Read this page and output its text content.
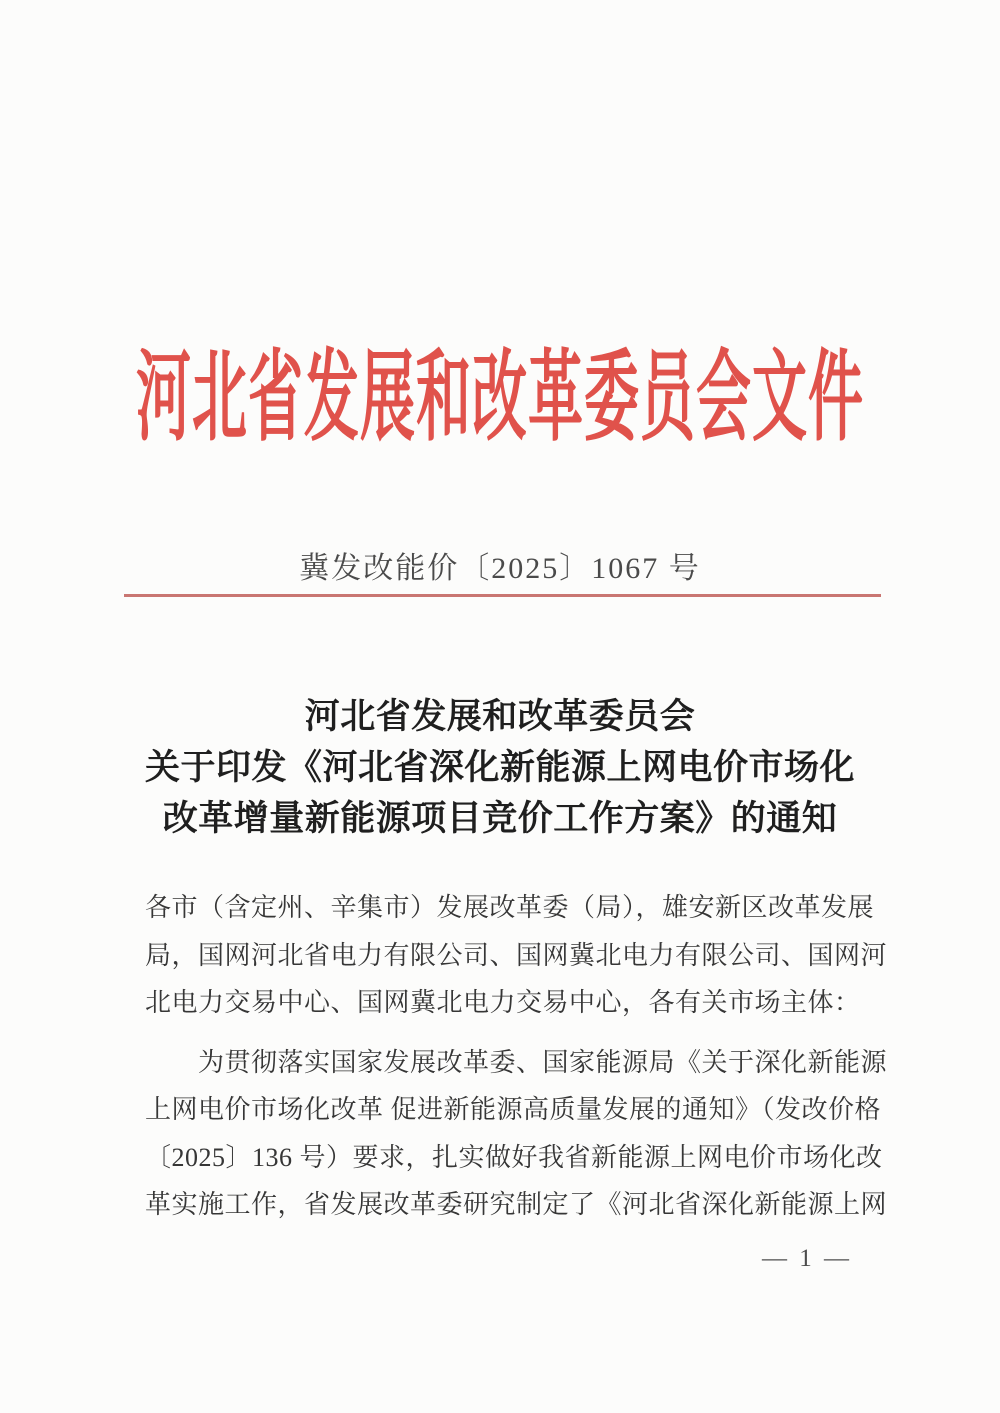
河北省发展和改革委员会文件
冀发改能价〔2025〕1067 号
河北省发展和改革委员会
关于印发《河北省深化新能源上网电价市场化
改革增量新能源项目竞价工作方案》的通知
各市（含定州、辛集市）发展改革委（局），雄安新区改革发展
局，国网河北省电力有限公司、国网冀北电力有限公司、国网河
北电力交易中心、国网冀北电力交易中心，各有关市场主体：
为贯彻落实国家发展改革委、国家能源局《关于深化新能源
上网电价市场化改革 促进新能源高质量发展的通知》（发改价格
〔2025〕136 号）要求，扎实做好我省新能源上网电价市场化改
革实施工作，省发展改革委研究制定了《河北省深化新能源上网
— 1 —
